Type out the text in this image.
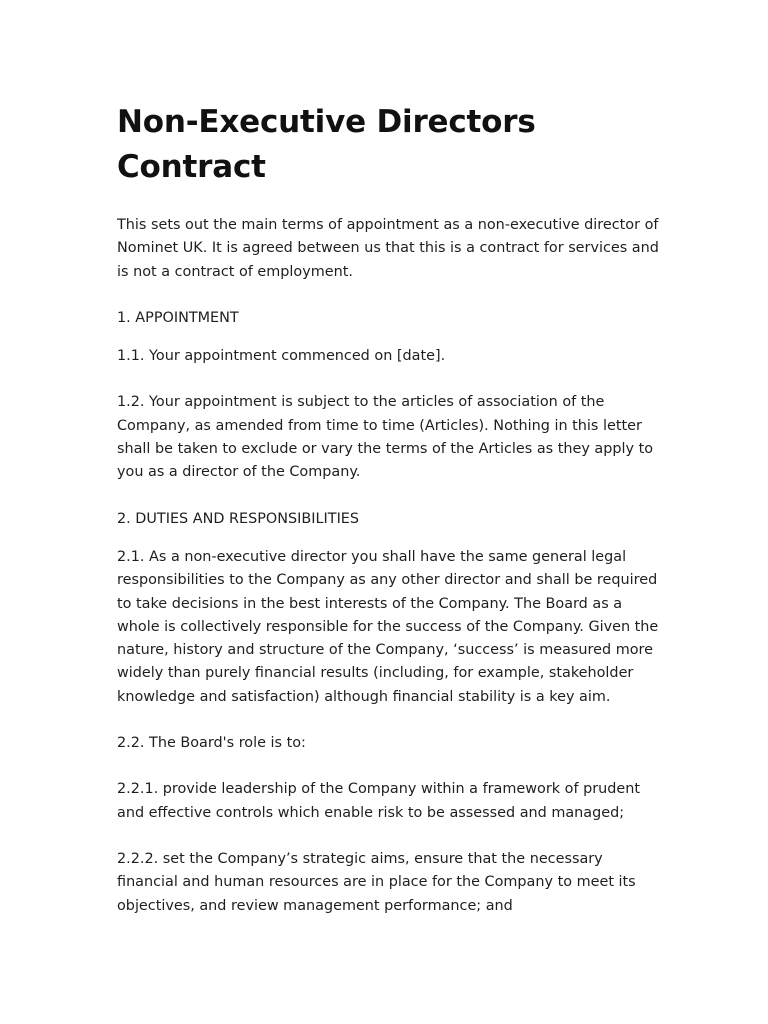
Non-Executive Directors
Contract

This sets out the main terms of appointment as a non-executive director of Nominet UK. It is agreed between us that this is a contract for services and is not a contract of employment.

1. APPOINTMENT

1.1. Your appointment commenced on [date].

1.2. Your appointment is subject to the articles of association of the Company, as amended from time to time (Articles). Nothing in this letter shall be taken to exclude or vary the terms of the Articles as they apply to you as a director of the Company.

2. DUTIES AND RESPONSIBILITIES

2.1. As a non-executive director you shall have the same general legal responsibilities to the Company as any other director and shall be required to take decisions in the best interests of the Company. The Board as a whole is collectively responsible for the success of the Company. Given the nature, history and structure of the Company, ‘success’ is measured more widely than purely financial results (including, for example, stakeholder knowledge and satisfaction) although financial stability is a key aim.

2.2. The Board's role is to:

2.2.1. provide leadership of the Company within a framework of prudent and effective controls which enable risk to be assessed and managed;

2.2.2. set the Company’s strategic aims, ensure that the necessary financial and human resources are in place for the Company to meet its objectives, and review management performance; and
